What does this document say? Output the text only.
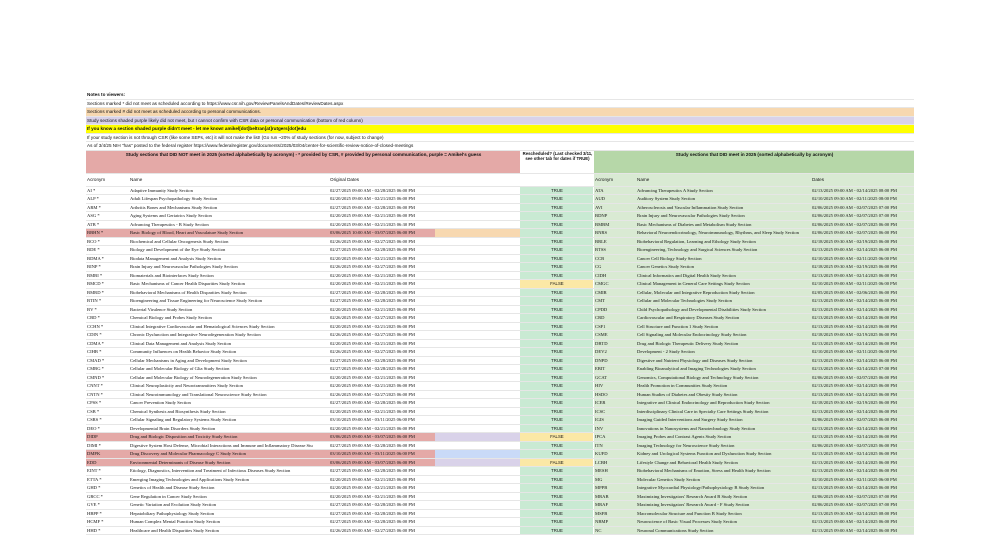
Notes to viewers:
Sections marked * did not meet as scheduled according to https://www.csr.nih.gov/ReviewPanelsAndDates/ReviewDates.aspx
Sections marked # did not meet as scheduled according to personal communications.
Study sections shaded purple likely did not meet, but I cannot confirm with CSR data or personal communication (bottom of red column)
If you know a section shaded purple didn't meet - let me know! amikel[dot]beltran[at]rutgers[dot]edu
If your study section is not through CSR (like some SEPs, etc) it will not make the list! (Go run ~20% of study sections (for now, subject to change)
As of 3/4/25 NIH "has" posted to the federal register https://www.federalregister.gov/documents/2025/03/04/center-for-scientific-review-notice-of-closed-meetings
Study sections that DID NOT meet in 2025 (sorted alphabetically by acronym) - * provided by CSR, # provided by personal communication, purple = Amikel's guess	Rescheduled? (Last checked 3/11, see other tab for dates if TRUE)
Study sections that DID meet in 2025 (sorted alphabetically by acronym)
Acronym	Name	Original Dates	Acronym	Name	Dates
AI *	Adaptive Immunity Study Section	02/27/2025 09:00 AM - 02/28/2025 06:00 PM	TRUE	ATA	Advancing Therapeutics A Study Section	02/13/2025 09:00 AM - 02/14/2025 08:00 PM
ALP *	Adult Lifespan Psychopathology Study Section	02/20/2025 09:00 AM - 02/21/2025 06:00 PM	TRUE	AUD	Auditory System Study Section	02/10/2025 09:30 AM - 02/11/2025 08:00 PM
ARM *	Arthritis Bones and Mechanisms Study Section	02/27/2025 09:00 AM - 02/28/2025 06:00 PM	TRUE	AVI	Atherosclerosis and Vascular Inflammation Study Section	02/06/2025 09:00 AM - 02/07/2025 07:00 PM
ASG *	Aging Systems and Geriatrics Study Section	02/20/2025 09:00 AM - 02/21/2025 06:00 PM	TRUE	BDNP	Brain Injury and Neurovascular Pathologies Study Section	02/06/2025 09:00 AM - 02/07/2025 07:00 PM
ATB *	Advancing Therapeutics - B Study Section	02/20/2025 09:00 AM - 02/21/2025 06:30 PM	TRUE	BMBM	Basic Mechanisms of Diabetes and Metabolism Study Section	02/06/2025 09:00 AM - 02/07/2025 06:00 PM
BBHN *	Basic Biology of Blood, Heart and Vasculature Study Section	03/06/2025 10:00 AM - 03/07/2025 06:00 PM	TRUE	BNRS	Behavioral Neuroendocrinology, Neuroimmunology, Rhythms, and Sleep Study Section	02/06/2025 09:00 AM - 02/07/2025 06:00 PM
BCO *	Biochemical and Cellular Oncogenesis Study Section	02/26/2025 09:00 AM - 02/27/2025 06:00 PM	TRUE	BRLE	Biobehavioral Regulation, Learning and Ethology Study Section	02/18/2025 09:30 AM - 02/19/2025 06:00 PM
BDE *	Biology and Development of the Eye Study Section	02/27/2025 09:00 AM - 02/28/2025 06:00 PM	TRUE	BTSS	Bioengineering, Technology and Surgical Sciences Study Section	02/13/2025 09:00 AM - 02/14/2025 06:00 PM
BDMA *	Biodata Management and Analysis Study Section	02/20/2025 09:00 AM - 02/21/2025 06:00 PM	TRUE	CCB	Cancer Cell Biology Study Section	02/10/2025 09:00 AM - 02/11/2025 06:00 PM
BINP *	Brain Injury and Neurovascular Pathologies Study Section	02/26/2025 09:00 AM - 02/27/2025 06:00 PM	TRUE	CG	Cancer Genetics Study Section	02/18/2025 09:30 AM - 02/19/2025 06:00 PM
BMBI *	Biomaterials and Biointerfaces Study Section	02/20/2025 09:00 AM - 02/21/2025 06:00 PM	TRUE	CIDH	Clinical Informatics and Digital Health Study Section	02/13/2025 09:00 AM - 02/14/2025 06:00 PM
BMCD *	Basic Mechanisms of Cancer Health Disparities Study Section	02/20/2025 09:00 AM - 02/21/2025 06:00 PM	FALSE	CMGC	Clinical Management in General Care Settings Study Section	02/10/2025 09:00 AM - 02/11/2025 06:00 PM
BMRD *	Biobehavioral Mechanisms of Health Disparities Study Section	02/27/2025 09:00 AM - 02/28/2025 06:00 PM	TRUE	CMIR	Cellular, Molecular and Integrative Reproduction Study Section	02/05/2025 09:00 AM - 02/06/2025 06:00 PM
BTIN *	Bioengineering and Tissue Engineering for Neuroscience Study Section	02/27/2025 09:00 AM - 02/28/2025 06:00 PM	TRUE	CMT	Cellular and Molecular Technologies Study Section	02/13/2025 09:00 AM - 02/14/2025 06:00 PM
BV *	Bacterial Virulence Study Section	02/20/2025 09:00 AM - 02/21/2025 06:00 PM	TRUE	CPDD	Child Psychopathology and Developmental Disabilities Study Section	02/13/2025 09:00 AM - 02/14/2025 06:00 PM
CBD *	Chemical Biology and Probes Study Section	02/26/2025 09:00 AM - 02/27/2025 06:00 PM	TRUE	CRD	Cardiovascular and Respiratory Diseases Study Section	02/13/2025 09:00 AM - 02/14/2025 06:00 PM
CCHN *	Clinical Integrative Cardiovascular and Hematological Sciences Study Section	02/20/2025 09:00 AM - 02/21/2025 06:00 PM	TRUE	CSF1	Cell Structure and Function 1 Study Section	02/13/2025 09:00 AM - 02/14/2025 06:00 PM
CDIN *	Chronic Dysfunction and Integrative Neurodegeneration Study Section	02/26/2025 09:00 AM - 02/27/2025 06:00 PM	TRUE	CSME	Cell Signaling and Molecular Endocrinology Study Section	02/18/2025 09:00 AM - 02/19/2025 06:00 PM
CDMA *	Clinical Data Management and Analysis Study Section	02/20/2025 09:00 AM - 02/21/2025 06:00 PM	TRUE	DBTD	Drug and Biologic Therapeutic Delivery Study Section	02/13/2025 09:00 AM - 02/14/2025 06:00 PM
CIHB *	Community Influences on Health Behavior Study Section	02/26/2025 09:00 AM - 02/27/2025 06:00 PM	TRUE	DEV2	Development - 2 Study Section	02/10/2025 09:00 AM - 02/11/2025 06:00 PM
CMAD *	Cellular Mechanisms in Aging and Development Study Section	02/27/2025 09:00 AM - 02/28/2025 06:00 PM	TRUE	DNPD	Digestive and Nutrient Physiology and Diseases Study Section	02/13/2025 09:00 AM - 02/14/2025 06:00 PM
CMBG *	Cellular and Molecular Biology of Glia Study Section	02/27/2025 09:00 AM - 02/28/2025 06:00 PM	TRUE	EBIT	Enabling Bioanalytical and Imaging Technologies Study Section	02/13/2025 09:30 AM - 02/14/2025 07:00 PM
CMND *	Cellular and Molecular Biology of Neurodegeneration Study Section	02/20/2025 09:00 AM - 02/21/2025 06:30 PM	TRUE	GCAT	Genomics, Computational Biology and Technology Study Section	02/06/2025 09:00 AM - 02/07/2025 06:00 PM
CNNT *	Clinical Neuroplasticity and Neurotransmitters Study Section	02/20/2025 09:00 AM - 02/21/2025 06:00 PM	TRUE	HIV	Health Promotion in Communities Study Section	02/13/2025 09:00 AM - 02/14/2025 06:00 PM
CNTN *	Clinical Neuroimmunology and Translational Neuroscience Study Section	02/26/2025 09:00 AM - 02/27/2025 06:00 PM	TRUE	HSDO	Human Studies of Diabetes and Obesity Study Section	02/13/2025 09:00 AM - 02/14/2025 06:00 PM
CPSS *	Cancer Prevention Study Section	02/27/2025 09:00 AM - 02/28/2025 06:00 PM	TRUE	ICER	Integrative and Clinical Endocrinology and Reproduction Study Section	02/18/2025 09:30 AM - 02/19/2025 06:00 PM
CSB *	Chemical Synthesis and Biosynthesis Study Section	02/20/2025 09:00 AM - 02/21/2025 06:00 PM	TRUE	ICSC	Interdisciplinary Clinical Care in Specialty Care Settings Study Section	02/13/2025 09:00 AM - 02/14/2025 06:00 PM
CSRS *	Cellular Signaling and Regulatory Systems Study Section	03/10/2025 09:00 AM - 03/11/2025 06:00 PM	TRUE	IGIS	Imaging Guided Interventions and Surgery Study Section	02/06/2025 09:00 AM - 02/07/2025 06:00 PM
DEO *	Developmental Brain Disorders Study Section	02/20/2025 09:00 AM - 02/21/2025 06:00 PM	TRUE	INV	Innovations in Nanosystems and Nanotechnology Study Section	02/13/2025 09:00 AM - 02/14/2025 06:00 PM
DIDP	Drug and Biologic Disposition and Toxicity Study Section	03/06/2025 09:00 AM - 03/07/2025 06:00 PM	FALSE	IPCA	Imaging Probes and Contrast Agents Study Section	02/13/2025 09:00 AM - 02/14/2025 06:00 PM
DIMI *	Digestive System Host Defense, Microbial Interactions and Immune and Inflammatory Disease Stu	02/27/2025 09:00 AM - 02/28/2025 06:00 PM	TRUE	ITN	Imaging Technology for Neuroscience Study Section	02/06/2025 09:00 AM - 02/07/2025 06:00 PM
DMPK	Drug Discovery and Molecular Pharmacology C Study Section	03/10/2025 09:00 AM - 03/11/2025 06:00 PM	TRUE	KUFD	Kidney and Urological Systems Function and Dysfunction Study Section	02/13/2025 09:00 AM - 02/14/2025 06:00 PM
EDD	Environmental Determinants of Disease Study Section	03/06/2025 09:00 AM - 03/07/2025 06:00 PM	FALSE	LCBH	Lifestyle Change and Behavioral Health Study Section	02/13/2025 09:00 AM - 02/14/2025 06:00 PM
EINT *	Etiology, Diagnostics, Intervention and Treatment of Infectious Diseases Study Section	02/27/2025 09:00 AM - 02/28/2025 06:00 PM	TRUE	MESH	Biobehavioral Mechanisms of Emotion, Stress and Health Study Section	02/13/2025 09:00 AM - 02/14/2025 06:00 PM
ETTA *	Emerging Imaging Technologies and Applications Study Section	02/20/2025 09:00 AM - 02/21/2025 06:00 PM	TRUE	MG	Molecular Genetics Study Section	02/10/2025 09:00 AM - 02/11/2025 06:00 PM
GHD *	Genetics of Health and Disease Study Section	02/20/2025 09:00 AM - 02/21/2025 06:00 PM	TRUE	MPPB	Integrative Myocardial Physiology/Pathophysiology B Study Section	02/13/2025 09:00 AM - 02/14/2025 06:00 PM
GRCC *	Gene Regulation in Cancer Study Section	02/20/2025 09:00 AM - 02/21/2025 06:00 PM	TRUE	MRAB	Maximizing Investigators' Research Award B Study Section	02/06/2025 09:00 AM - 02/07/2025 07:00 PM
GVE *	Genetic Variation and Evolution Study Section	02/27/2025 09:00 AM - 02/28/2025 06:00 PM	TRUE	MRAF	Maximizing Investigators' Research Award - F Study Section	02/06/2025 09:00 AM - 02/07/2025 07:00 PM
HBPP *	Hepatobiliary Pathophysiology Study Section	02/27/2025 09:00 AM - 02/28/2025 06:00 PM	TRUE	MSFB	Macromolecular Structure and Function B Study Section	02/13/2025 09:30 AM - 02/14/2025 08:00 PM
HCMF *	Human Complex Mental Function Study Section	02/27/2025 09:00 AM - 02/28/2025 06:00 PM	TRUE	NBMP	Neuroscience of Basic Visual Processes Study Section	02/13/2025 09:00 AM - 02/14/2025 06:00 PM
HHD *	Healthcare and Health Disparities Study Section	02/26/2025 09:00 AM - 02/27/2025 06:00 PM	TRUE	NC	Neuronal Communications Study Section	02/13/2025 09:00 AM - 02/14/2025 06:00 PM
